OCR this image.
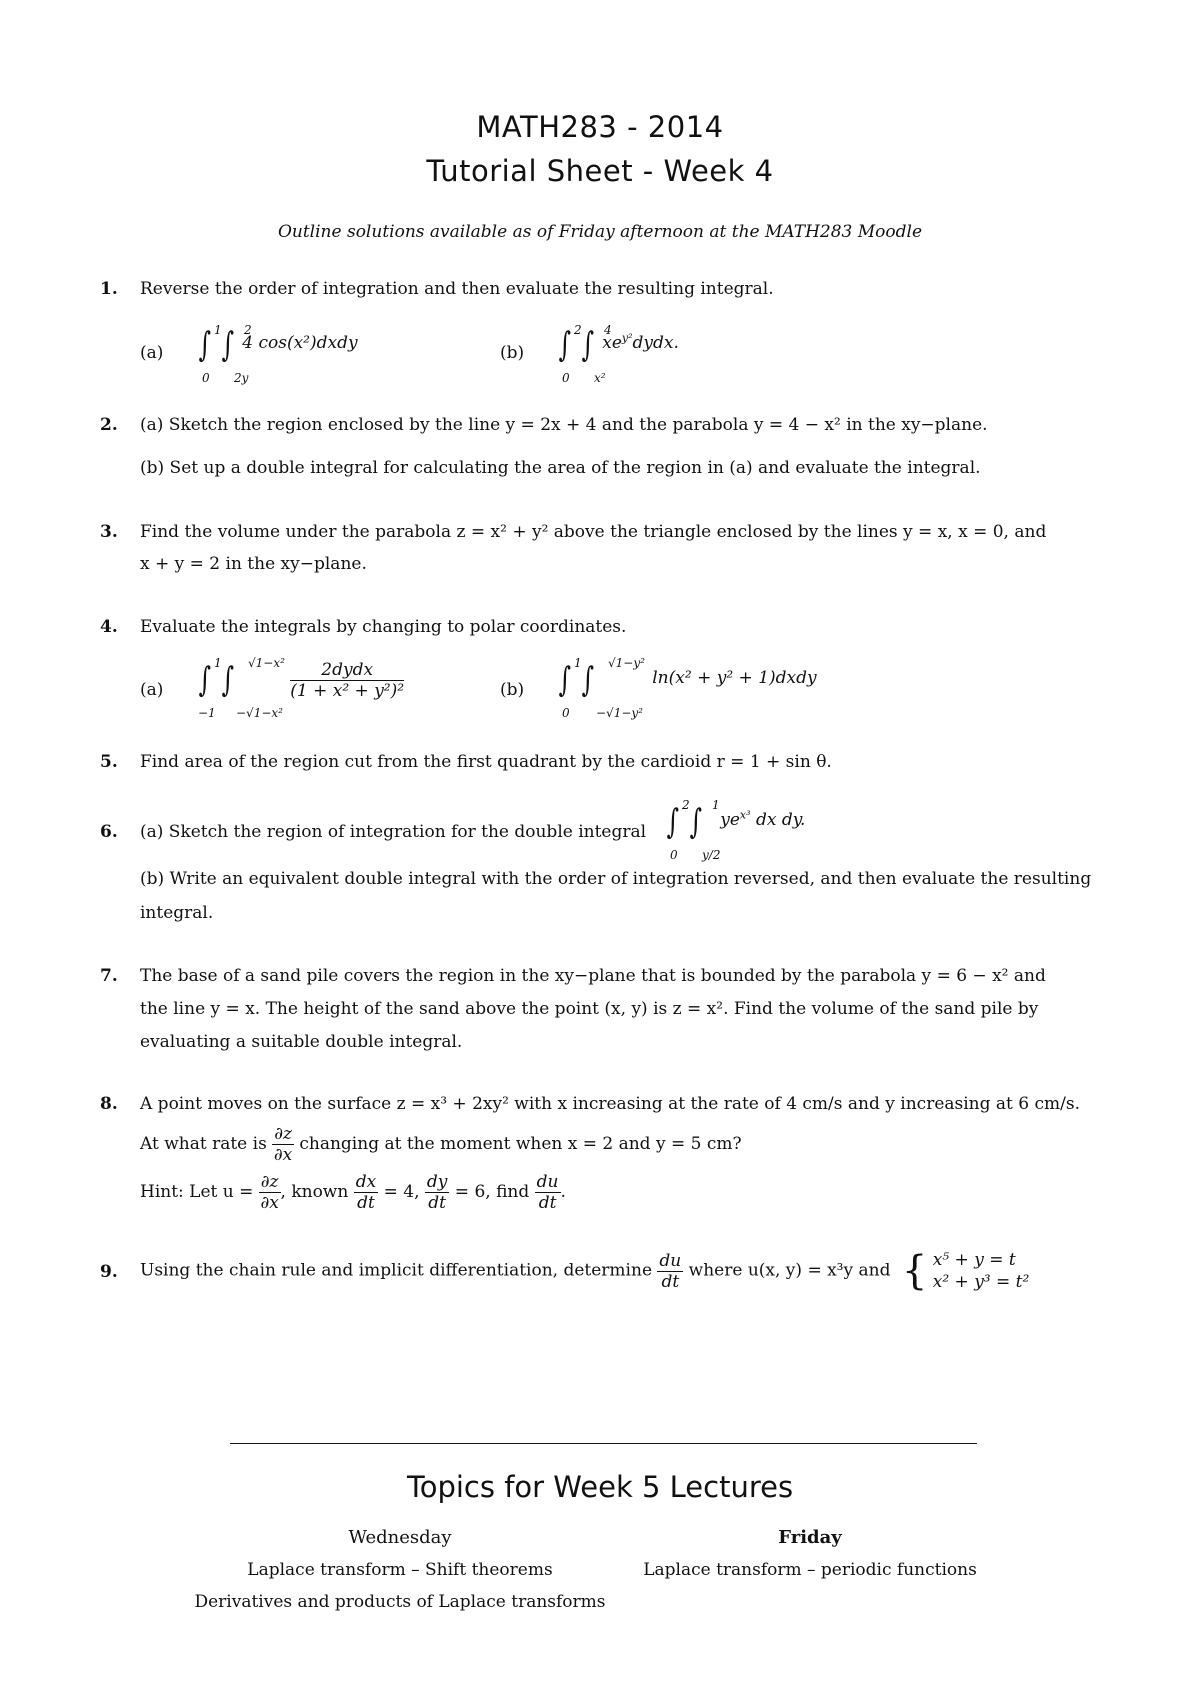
MATH283 - 2014
Tutorial Sheet - Week 4
Outline solutions available as of Friday afternoon at the MATH283 Moodle
1. Reverse the order of integration and then evaluate the resulting integral.
(a) ∫ 1
0
∫ 2
2y
4 cos(x²)dxdy	(b) ∫ 2
0
∫ 4
x²
$xe^{y^2}dydx$.
2. (a) Sketch the region enclosed by the line y = 2x + 4 and the parabola y = 4 − x² in the xy−plane.
(b) Set up a double integral for calculating the area of the region in (a) and evaluate the integral.
3. Find the volume under the parabola z = x² + y² above the triangle enclosed by the lines y = x, x = 0, and
x + y = 2 in the xy−plane.
4. Evaluate the integrals by changing to polar coordinates.
(a) ∫ 1
−1
∫ √1−x²
−√1−x²
$\frac{\text{2dydx}}{\text{(1 + x² + y²)²}}$	(b) ∫ 1
0
∫ √1−y²
−√1−y²
ln(x² + y² + 1)dxdy
5. Find area of the region cut from the first quadrant by the cardioid r = 1 + sin θ.
6. (a) Sketch the region of integration for the double integral ∫ 2
0
∫ 1
y/2
$ye^{x^3}$ dx dy.
(b) Write an equivalent double integral with the order of integration reversed, and then evaluate the resulting
integral.
7. The base of a sand pile covers the region in the xy−plane that is bounded by the parabola y = 6 − x² and
the line y = x. The height of the sand above the point (x, y) is z = x². Find the volume of the sand pile by
evaluating a suitable double integral.
8. A point moves on the surface z = x³ + 2xy² with x increasing at the rate of 4 cm/s and y increasing at 6 cm/s.
At what rate is $\frac{\partial z}{\partial x}$ changing at the moment when x = 2 and y = 5 cm?
Hint: Let $u = \frac{\partial z}{\partial x}$ , known $\frac{dx}{dt} = 4$, $\frac{dy}{dt} = 6$, find $\frac{du}{dt}$ .
9. Using the chain rule and implicit differentiation, determine $\frac{du}{dt}$ where u(x, y) = x³y and { x⁵ + y = t
x² + y³ = t²
Topics for Week 5 Lectures
Wednesday
Laplace transform – Shift theorems
Derivatives and products of Laplace transforms
Friday
Laplace transform – periodic functions
